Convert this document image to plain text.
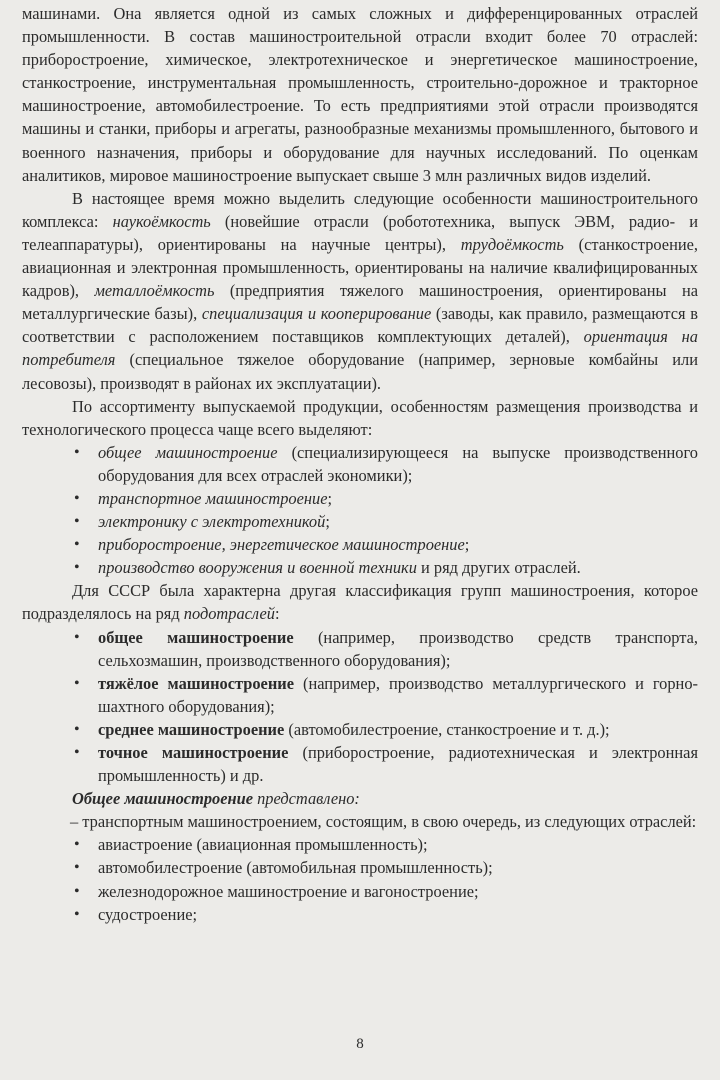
машинами. Она является одной из самых сложных и дифференцированных отраслей промышленности. В состав машиностроительной отрасли входит более 70 отраслей: приборостроение, химическое, электротехническое и энергетическое машиностроение, станкостроение, инструментальная промышленность, строительно-дорожное и тракторное машиностроение, автомобилестроение. То есть предприятиями этой отрасли производятся машины и станки, приборы и агрегаты, разнообразные механизмы промышленного, бытового и военного назначения, приборы и оборудование для научных исследований. По оценкам аналитиков, мировое машиностроение выпускает свыше 3 млн различных видов изделий.

В настоящее время можно выделить следующие особенности машиностроительного комплекса: наукоёмкость (новейшие отрасли (робототехника, выпуск ЭВМ, радио- и телеаппаратуры), ориентированы на научные центры), трудоёмкость (станкостроение, авиационная и электронная промышленность, ориентированы на наличие квалифицированных кадров), металлоёмкость (предприятия тяжелого машиностроения, ориентированы на металлургические базы), специализация и кооперирование (заводы, как правило, размещаются в соответствии с расположением поставщиков комплектующих деталей), ориентация на потребителя (специальное тяжелое оборудование (например, зерновые комбайны или лесовозы), производят в районах их эксплуатации).

По ассортименту выпускаемой продукции, особенностям размещения производства и технологического процесса чаще всего выделяют:

• общее машиностроение (специализирующееся на выпуске производственного оборудования для всех отраслей экономики);
• транспортное машиностроение;
• электронику с электротехникой;
• приборостроение, энергетическое машиностроение;
• производство вооружения и военной техники и ряд других отраслей.

Для СССР была характерна другая классификация групп машиностроения, которое подразделялось на ряд подотраслей:

• общее машиностроение (например, производство средств транспорта, сельхозмашин, производственного оборудования);
• тяжёлое машиностроение (например, производство металлургического и горно-шахтного оборудования);
• среднее машиностроение (автомобилестроение, станкостроение и т. д.);
• точное машиностроение (приборостроение, радиотехническая и электронная промышленность) и др.

Общее машиностроение представлено:

– транспортным машиностроением, состоящим, в свою очередь, из следующих отраслей:

• авиастроение (авиационная промышленность);
• автомобилестроение (автомобильная промышленность);
• железнодорожное машиностроение и вагоностроение;
• судостроение;
8
